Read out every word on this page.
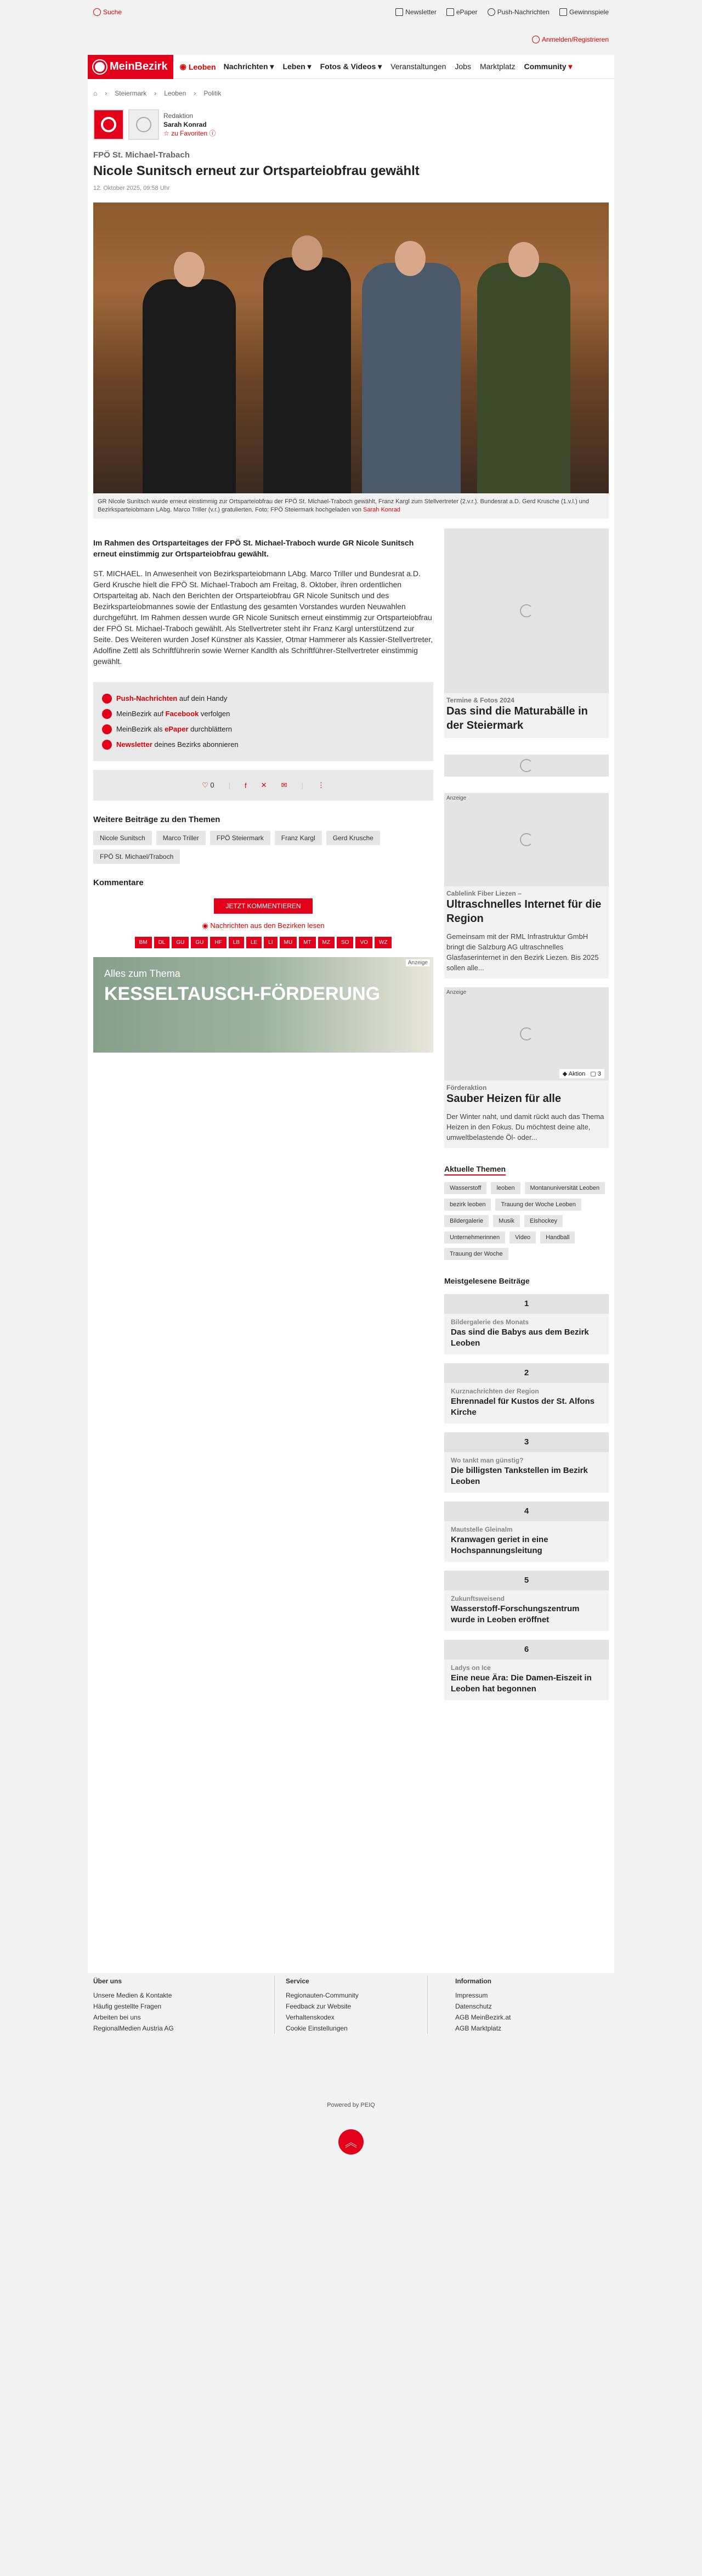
Suche	Newsletter	ePaper	Push-Nachrichten	Gewinnspiele
Anmelden/Registrieren
MeinBezirk ◉ Leoben Nachrichten ▾ Leben ▾ Fotos & Videos ▾ Veranstaltungen Jobs Marktplatz Community ▾
⌂ › Steiermark › Leoben › Politik
Redaktion
Sarah Konrad
☆ zu Favoriten ⓘ
FPÖ St. Michael-Trabach
Nicole Sunitsch erneut zur Ortsparteiobfrau gewählt
12. Oktober 2025, 09:58 Uhr
GR Nicole Sunitsch wurde erneut einstimmig zur Ortsparteiobfrau der FPÖ St. Michael-Traboch gewählt, Franz Kargl zum Stellvertreter (2.v.r.). Bundesrat a.D. Gerd Krusche (1.v.l.) und Bezirksparteiobmann LAbg. Marco Triller (v.r.) gratulierten. Foto: FPÖ Steiermark hochgeladen von Sarah Konrad

Im Rahmen des Ortsparteitages der FPÖ St. Michael-Traboch wurde GR Nicole Sunitsch erneut einstimmig zur Ortsparteiobfrau gewählt.

ST. MICHAEL. In Anwesenheit von Bezirksparteiobmann LAbg. Marco Triller und Bundesrat a.D. Gerd Krusche hielt die FPÖ St. Michael-Traboch am Freitag, 8. Oktober, ihren ordentlichen Ortsparteitag ab. Nach den Berichten der Ortsparteiobfrau GR Nicole Sunitsch und des Bezirksparteiobmannes sowie der Entlastung des gesamten Vorstandes wurden Neuwahlen durchgeführt. Im Rahmen dessen wurde GR Nicole Sunitsch erneut einstimmig zur Ortsparteiobfrau der FPÖ St. Michael-Traboch gewählt. Als Stellvertreter steht ihr Franz Kargl unterstützend zur Seite. Des Weiteren wurden Josef Künstner als Kassier, Otmar Hammerer als Kassier-Stellvertreter, Adolfine Zettl als Schriftführerin sowie Werner Kandlth als Schriftführer-Stellvertreter einstimmig gewählt.

Push-Nachrichten auf dein Handy
MeinBezirk auf Facebook verfolgen
MeinBezirk als ePaper durchblättern
Newsletter deines Bezirks abonnieren
♡ 0 | f ✕ ✉ | ⋮
Weitere Beiträge zu den Themen
Nicole Sunitsch	Marco Triller	FPÖ Steiermark	Franz Kargl	Gerd Krusche
FPÖ St. Michael/Traboch
Kommentare
JETZT KOMMENTIEREN
◉ Nachrichten aus den Bezirken lesen
BM	DL	GU	GU	HF	LB	LE	LI	MU	MT	MZ	SO	VO	WZ
Anzeige
Alles zum Thema
KESSELTAUSCH-FÖRDERUNG
Termine & Fotos 2024
Das sind die Maturabälle in der Steiermark
Anzeige
Cablelink Fiber Liezen –
Ultraschnelles Internet für die Region
Gemeinsam mit der RML Infrastruktur GmbH bringt die Salzburg AG ultraschnelles Glasfaserinternet in den Bezirk Liezen. Bis 2025 sollen alle...
Anzeige
◆ Aktion   ▢ 3
Förderaktion
Sauber Heizen für alle
Der Winter naht, und damit rückt auch das Thema Heizen in den Fokus. Du möchtest deine alte, umweltbelastende Öl- oder...
Aktuelle Themen
Wasserstoff	leoben	Montanuniversität Leoben
bezirk leoben	Trauung der Woche Leoben
Bildergalerie	Musik	Eishockey
Unternehmerinnen	Video	Handball
Trauung der Woche
Meistgelesene Beiträge
1
Bildergalerie des Monats
Das sind die Babys aus dem Bezirk Leoben
2
Kurznachrichten der Region
Ehrennadel für Kustos der St. Alfons Kirche
3
Wo tankt man günstig?
Die billigsten Tankstellen im Bezirk Leoben
4
Mautstelle Gleinalm
Kranwagen geriet in eine Hochspannungsleitung
5
Zukunftsweisend
Wasserstoff-Forschungszentrum wurde in Leoben eröffnet
6
Ladys on Ice
Eine neue Ära: Die Damen-Eiszeit in Leoben hat begonnen
Über uns
Unsere Medien & Kontakte
Häufig gestellte Fragen
Arbeiten bei uns
RegionalMedien Austria AG
Service
Regionauten-Community
Feedback zur Website
Verhaltenskodex
Cookie Einstellungen
Information
Impressum
Datenschutz
AGB MeinBezirk.at
AGB Marktplatz
Powered by PEIQ
︽
